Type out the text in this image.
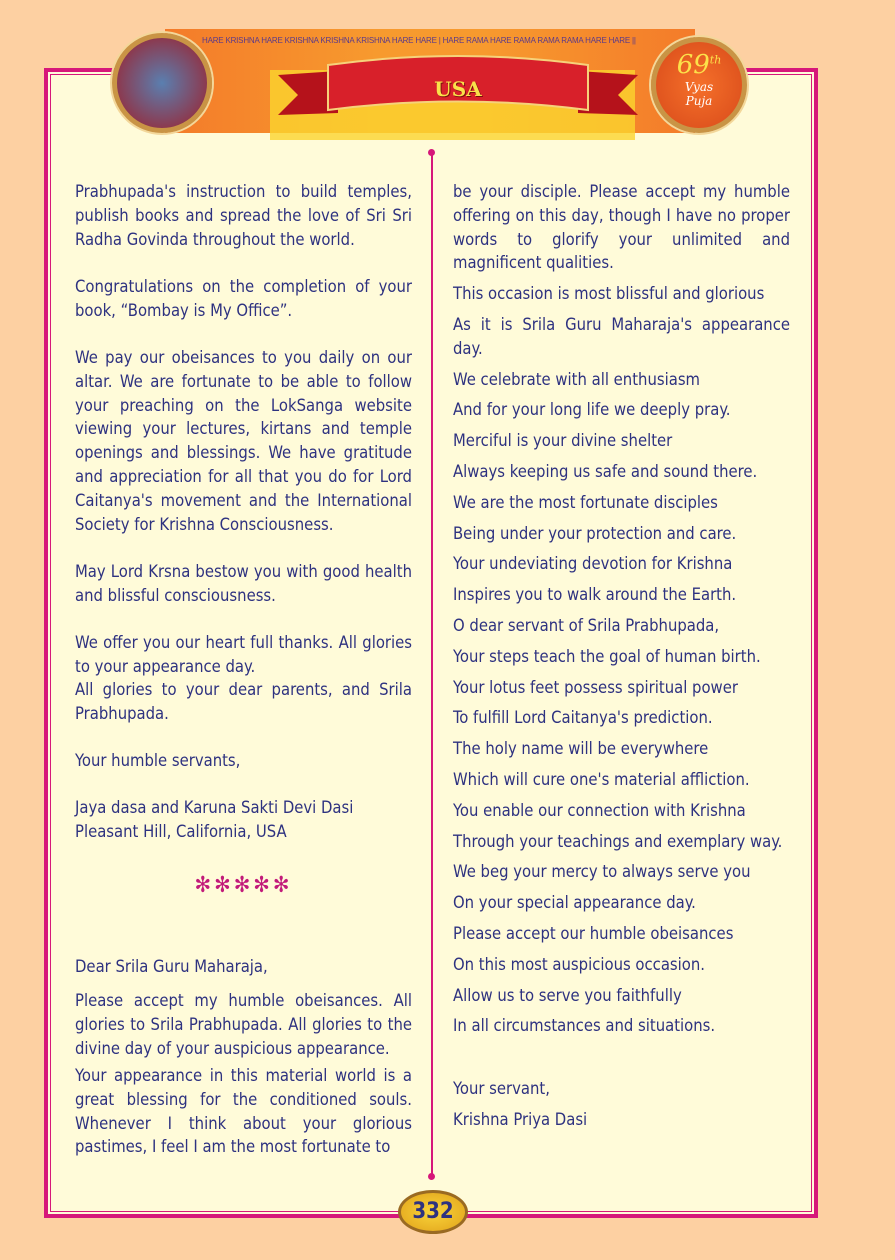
HARE KRISHNA HARE KRISHNA KRISHNA KRISHNA HARE HARE | HARE RAMA HARE RAMA RAMA RAMA HARE HARE ||
USA
69th
Vyas
Puja

Prabhupada's instruction to build temples, publish books and spread the love of Sri Sri Radha Govinda throughout the world.

Congratulations on the completion of your book, “Bombay is My Office”.

We pay our obeisances to you daily on our altar. We are fortunate to be able to follow your preaching on the LokSanga website viewing your lectures, kirtans and temple openings and blessings. We have gratitude and appreciation for all that you do for Lord Caitanya's movement and the International Society for Krishna Consciousness.

May Lord Krsna bestow you with good health and blissful consciousness.

We offer you our heart full thanks. All glories to your appearance day.

All glories to your dear parents, and Srila Prabhupada.

Your humble servants,

Jaya dasa and Karuna Sakti Devi Dasi

Pleasant Hill, California, USA

Dear Srila Guru Maharaja,

Please accept my humble obeisances. All glories to Srila Prabhupada. All glories to the divine day of your auspicious appearance.

Your appearance in this material world is a great blessing for the conditioned souls. Whenever I think about your glorious pastimes, I feel I am the most fortunate to

✻✻✻✻✻

be your disciple. Please accept my humble offering on this day, though I have no proper words to glorify your unlimited and magnificent qualities.

This occasion is most blissful and glorious

As it is Srila Guru Maharaja's appearance day.

We celebrate with all enthusiasm

And for your long life we deeply pray.

Merciful is your divine shelter

Always keeping us safe and sound there.

We are the most fortunate disciples

Being under your protection and care.

Your undeviating devotion for Krishna

Inspires you to walk around the Earth.

O dear servant of Srila Prabhupada,

Your steps teach the goal of human birth.

Your lotus feet possess spiritual power

To fulfill Lord Caitanya's prediction.

The holy name will be everywhere

Which will cure one's material affliction.

You enable our connection with Krishna

Through your teachings and exemplary way.

We beg your mercy to always serve you

On your special appearance day.

Please accept our humble obeisances

On this most auspicious occasion.

Allow us to serve you faithfully

In all circumstances and situations.

Your servant,

Krishna Priya Dasi

332
